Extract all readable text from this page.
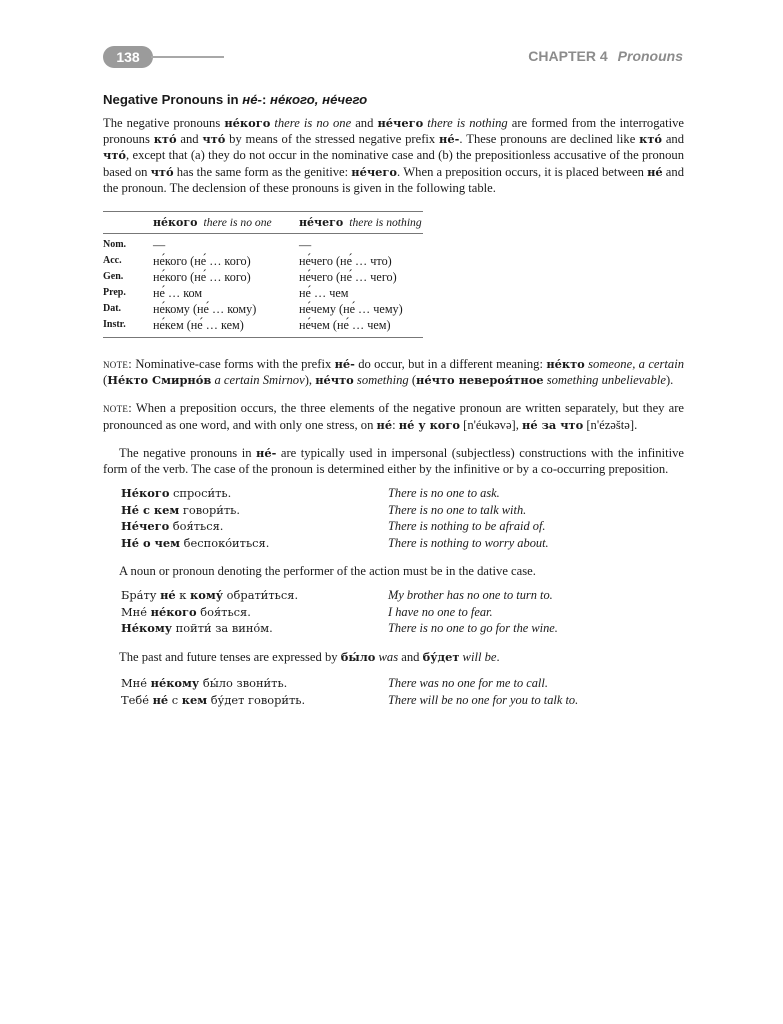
138	CHAPTER 4 Pronouns
Negative Pronouns in не́-: не́кого, не́чего

The negative pronouns не́кого there is no one and не́чего there is nothing are formed from the interrogative pronouns кто́ and что́ by means of the stressed negative prefix не́-. These pronouns are declined like кто́ and что́, except that (a) they do not occur in the nominative case and (b) the prepositionless accusative of the pronoun based on что́ has the same form as the genitive: не́чего. When a preposition occurs, it is placed between не́ and the pronoun. The declension of these pronouns is given in the following table.

	не́кого there is no one	не́чего there is nothing
Nom.	—	—
Acc.	не́кого (не́ … кого)	не́чего (не́ … что)
Gen.	не́кого (не́ … кого)	не́чего (не́ … чего)
Prep.	не́ … ком	не́ … чем
Dat.	не́кому (не́ … кому)	не́чему (не́ … чему)
Instr.	не́кем (не́ … кем)	не́чем (не́ … чем)

note: Nominative-case forms with the prefix не́- do occur, but in a different meaning: не́кто someone, a certain (Не́кто Смирно́в a certain Smirnov), не́что something (не́что невероя́тное something unbelievable).

note: When a preposition occurs, the three elements of the negative pronoun are written separately, but they are pronounced as one word, and with only one stress, on не́: не́ у кого [n'éukəvə], не́ за что [n'ézəštə].

The negative pronouns in не́- are typically used in impersonal (subjectless) constructions with the infinitive form of the verb. The case of the pronoun is determined either by the infinitive or by a co-occurring preposition.

Не́кого спроси́ть.	There is no one to ask.
Не́ с кем говори́ть.	There is no one to talk with.
Не́чего боя́ться.	There is nothing to be afraid of.
Не́ о чем беспоко́иться.	There is nothing to worry about.

A noun or pronoun denoting the performer of the action must be in the dative case.

Бра́ту не́ к кому́ обрати́ться.	My brother has no one to turn to.
Мне́ не́кого боя́ться.	I have no one to fear.
Не́кому пойти́ за вино́м.	There is no one to go for the wine.

The past and future tenses are expressed by бы́ло was and бу́дет will be.

Мне́ не́кому бы́ло звони́ть.	There was no one for me to call.
Тебе́ не́ с кем бу́дет говори́ть.	There will be no one for you to talk to.
